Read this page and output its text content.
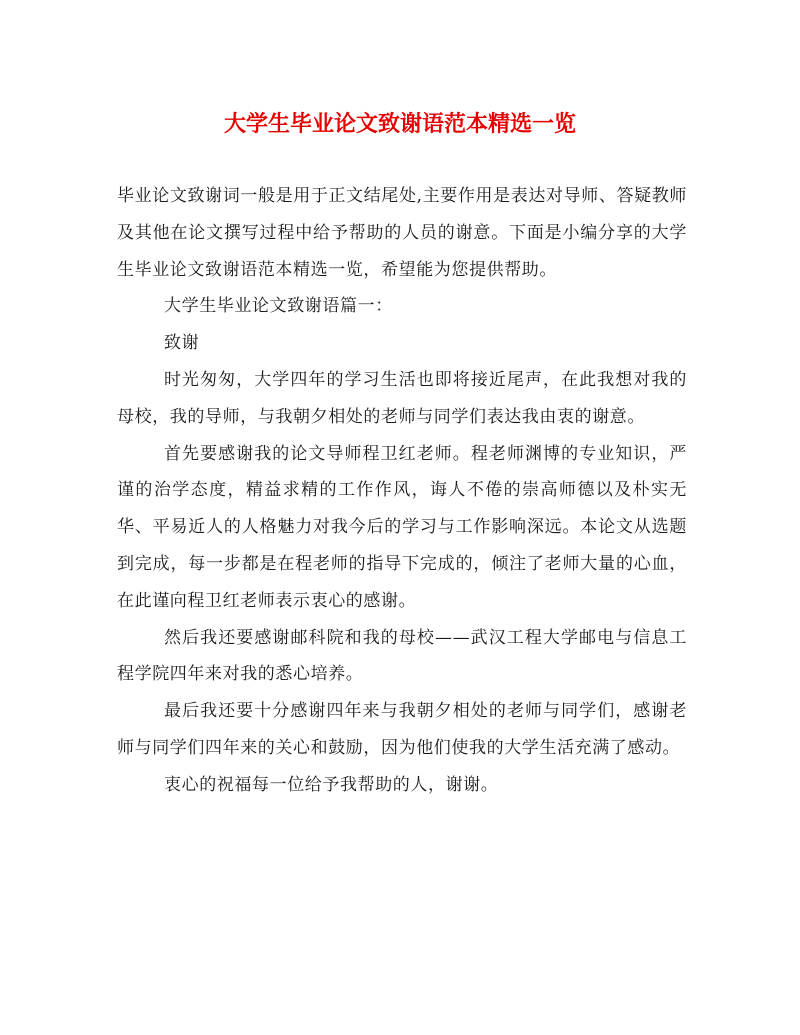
大学生毕业论文致谢语范本精选一览

毕业论文致谢词一般是用于正文结尾处,主要作用是表达对导师、答疑教师及其他在论文撰写过程中给予帮助的人员的谢意。下面是小编分享的大学生毕业论文致谢语范本精选一览，希望能为您提供帮助。

大学生毕业论文致谢语篇一：

致谢

时光匆匆，大学四年的学习生活也即将接近尾声，在此我想对我的母校，我的导师，与我朝夕相处的老师与同学们表达我由衷的谢意。

首先要感谢我的论文导师程卫红老师。程老师渊博的专业知识，严谨的治学态度，精益求精的工作作风，诲人不倦的崇高师德以及朴实无华、平易近人的人格魅力对我今后的学习与工作影响深远。本论文从选题到完成，每一步都是在程老师的指导下完成的，倾注了老师大量的心血，在此谨向程卫红老师表示衷心的感谢。

然后我还要感谢邮科院和我的母校——武汉工程大学邮电与信息工程学院四年来对我的悉心培养。

最后我还要十分感谢四年来与我朝夕相处的老师与同学们，感谢老师与同学们四年来的关心和鼓励，因为他们使我的大学生活充满了感动。

衷心的祝福每一位给予我帮助的人，谢谢。
